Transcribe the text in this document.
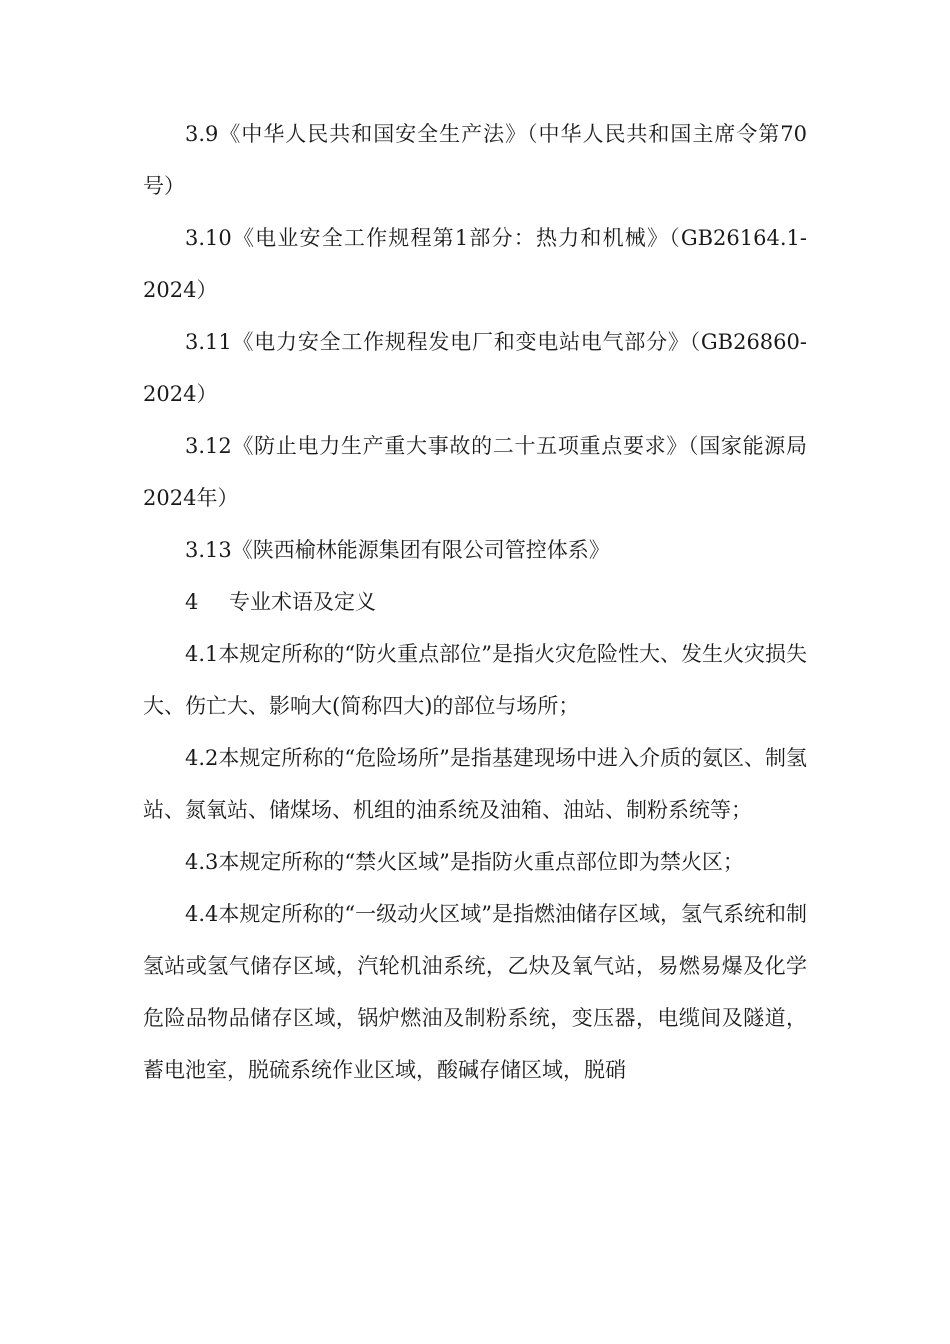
3.9《中华人民共和国安全生产法》（中华人民共和国主席令第70号）

3.10《电业安全工作规程第1部分：热力和机械》（GB26164.1-2024）

3.11《电力安全工作规程发电厂和变电站电气部分》（GB26860-2024）

3.12《防止电力生产重大事故的二十五项重点要求》（国家能源局2024年）

3.13《陕西榆林能源集团有限公司管控体系》

4 专业术语及定义

4.1本规定所称的“防火重点部位”是指火灾危险性大、发生火灾损失大、伤亡大、影响大(简称四大)的部位与场所；

4.2本规定所称的“危险场所”是指基建现场中进入介质的氨区、制氢站、氮氧站、储煤场、机组的油系统及油箱、油站、制粉系统等；

4.3本规定所称的“禁火区域”是指防火重点部位即为禁火区；

4.4本规定所称的“一级动火区域”是指燃油储存区域，氢气系统和制氢站或氢气储存区域，汽轮机油系统，乙炔及氧气站，易燃易爆及化学危险品物品储存区域，锅炉燃油及制粉系统，变压器，电缆间及隧道，蓄电池室，脱硫系统作业区域，酸碱存储区域，脱硝
